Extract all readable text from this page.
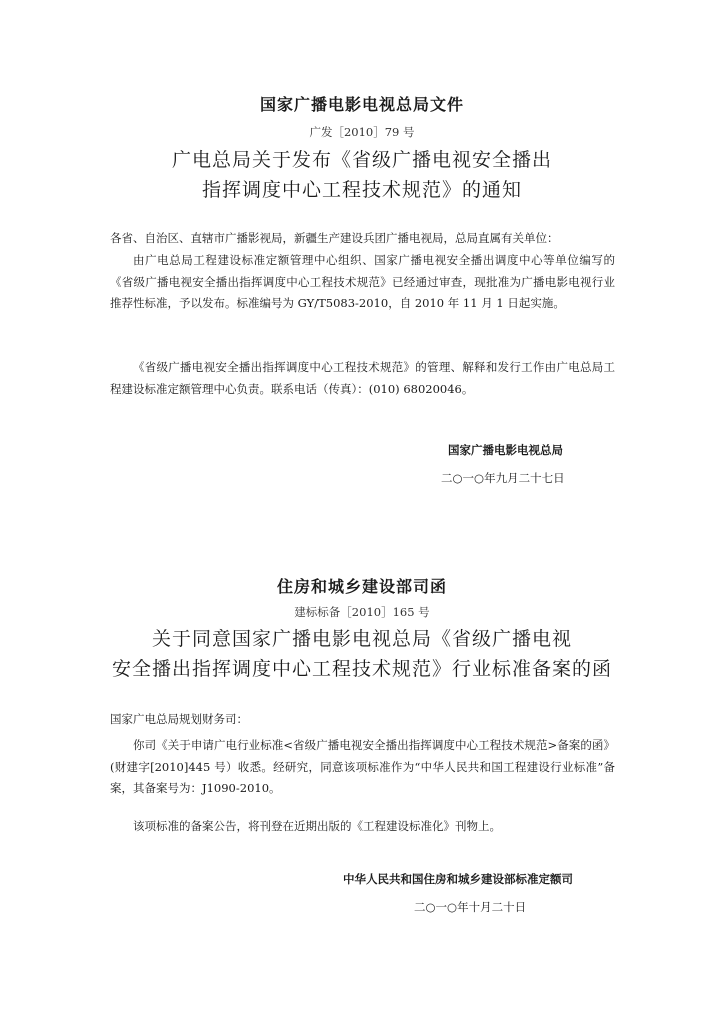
国家广播电影电视总局文件
广发［2010］79 号
广电总局关于发布《省级广播电视安全播出
指挥调度中心工程技术规范》的通知
各省、自治区、直辖市广播影视局，新疆生产建设兵团广播电视局，总局直属有关单位：
由广电总局工程建设标准定额管理中心组织、国家广播电视安全播出调度中心等单位编写的《省级广播电视安全播出指挥调度中心工程技术规范》已经通过审查，现批准为广播电影电视行业推荐性标准，予以发布。标准编号为 GY/T5083-2010，自 2010 年 11 月 1 日起实施。
《省级广播电视安全播出指挥调度中心工程技术规范》的管理、解释和发行工作由广电总局工程建设标准定额管理中心负责。联系电话（传真）：(010) 68020046。
国家广播电影电视总局
二○一○年九月二十七日
住房和城乡建设部司函
建标标备［2010］165 号
关于同意国家广播电影电视总局《省级广播电视
安全播出指挥调度中心工程技术规范》行业标准备案的函
国家广电总局规划财务司：
你司《关于申请广电行业标准<省级广播电视安全播出指挥调度中心工程技术规范>备案的函》(财建字[2010]445 号）收悉。经研究，同意该项标准作为“中华人民共和国工程建设行业标准”备案，其备案号为：J1090-2010。
该项标准的备案公告，将刊登在近期出版的《工程建设标准化》刊物上。
中华人民共和国住房和城乡建设部标准定额司
二○一○年十月二十日
